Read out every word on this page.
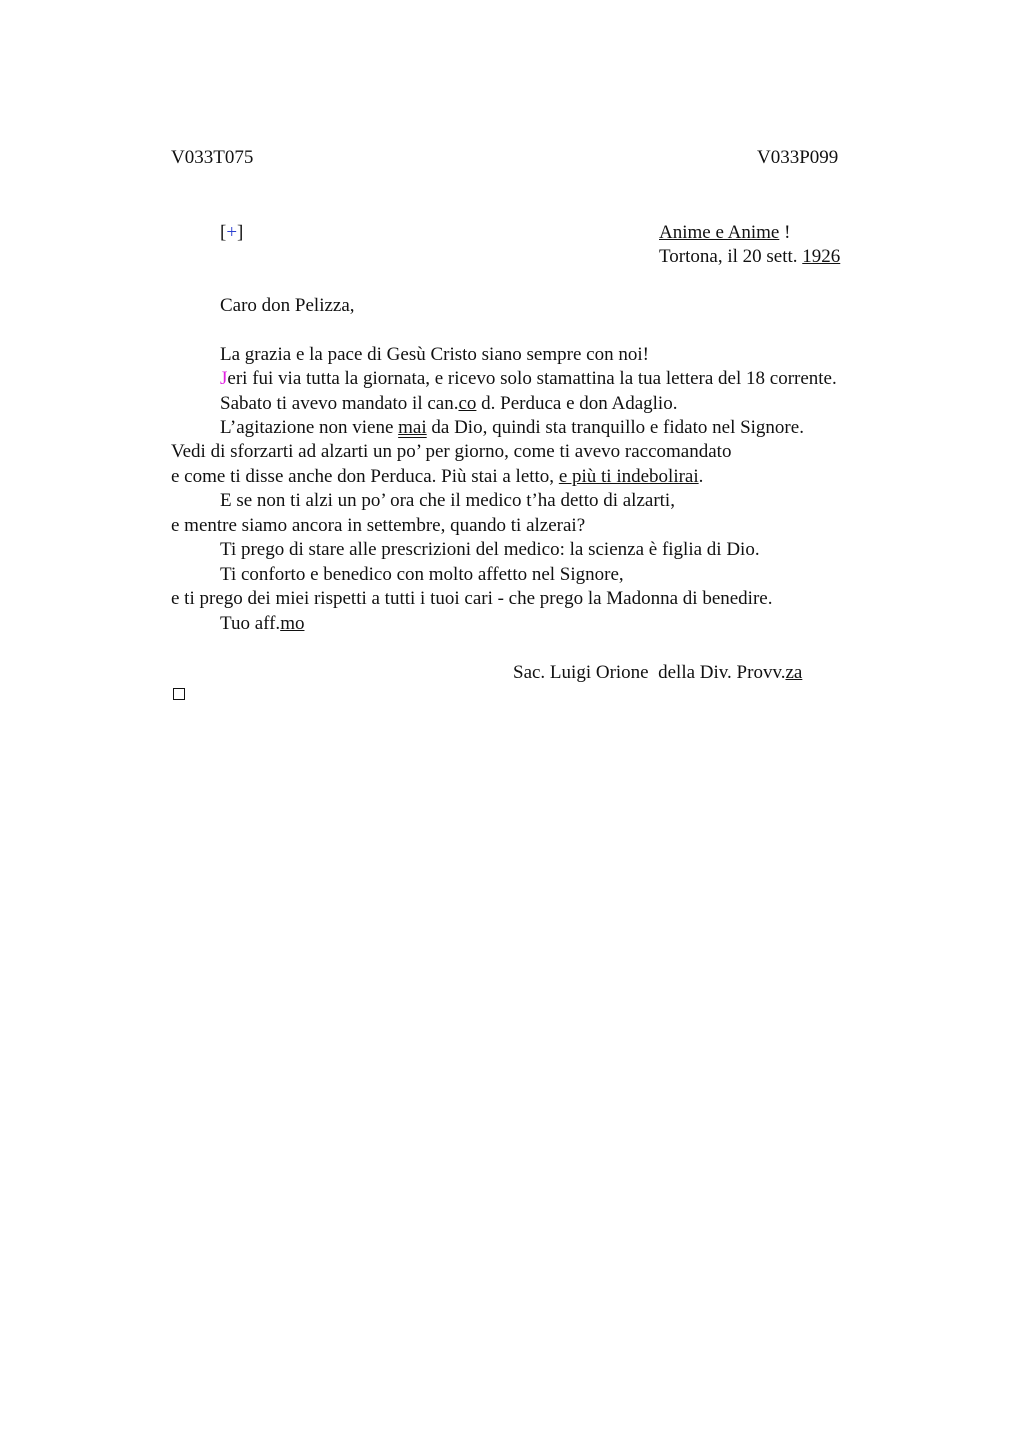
V033T075	V033P099
[+]	Anime e Anime !
Tortona, il 20 sett. 1926
Caro don Pelizza,
La grazia e la pace di Gesù Cristo siano sempre con noi!
Jeri fui via tutta la giornata, e ricevo solo stamattina la tua lettera del 18 corrente.
Sabato ti avevo mandato il can.co d. Perduca e don Adaglio.
L’agitazione non viene mai da Dio, quindi sta tranquillo e fidato nel Signore.
Vedi di sforzarti ad alzarti un po’ per giorno, come ti avevo raccomandato
e come ti disse anche don Perduca. Più stai a letto, e più ti indebolirai.
E se non ti alzi un po’ ora che il medico t’ha detto di alzarti,
e mentre siamo ancora in settembre, quando ti alzerai?
Ti prego di stare alle prescrizioni del medico: la scienza è figlia di Dio.
Ti conforto e benedico con molto affetto nel Signore,
e ti prego dei miei rispetti a tutti i tuoi cari - che prego la Madonna di benedire.
Tuo aff.mo
Sac. Luigi Orione  della Div. Provv.za
